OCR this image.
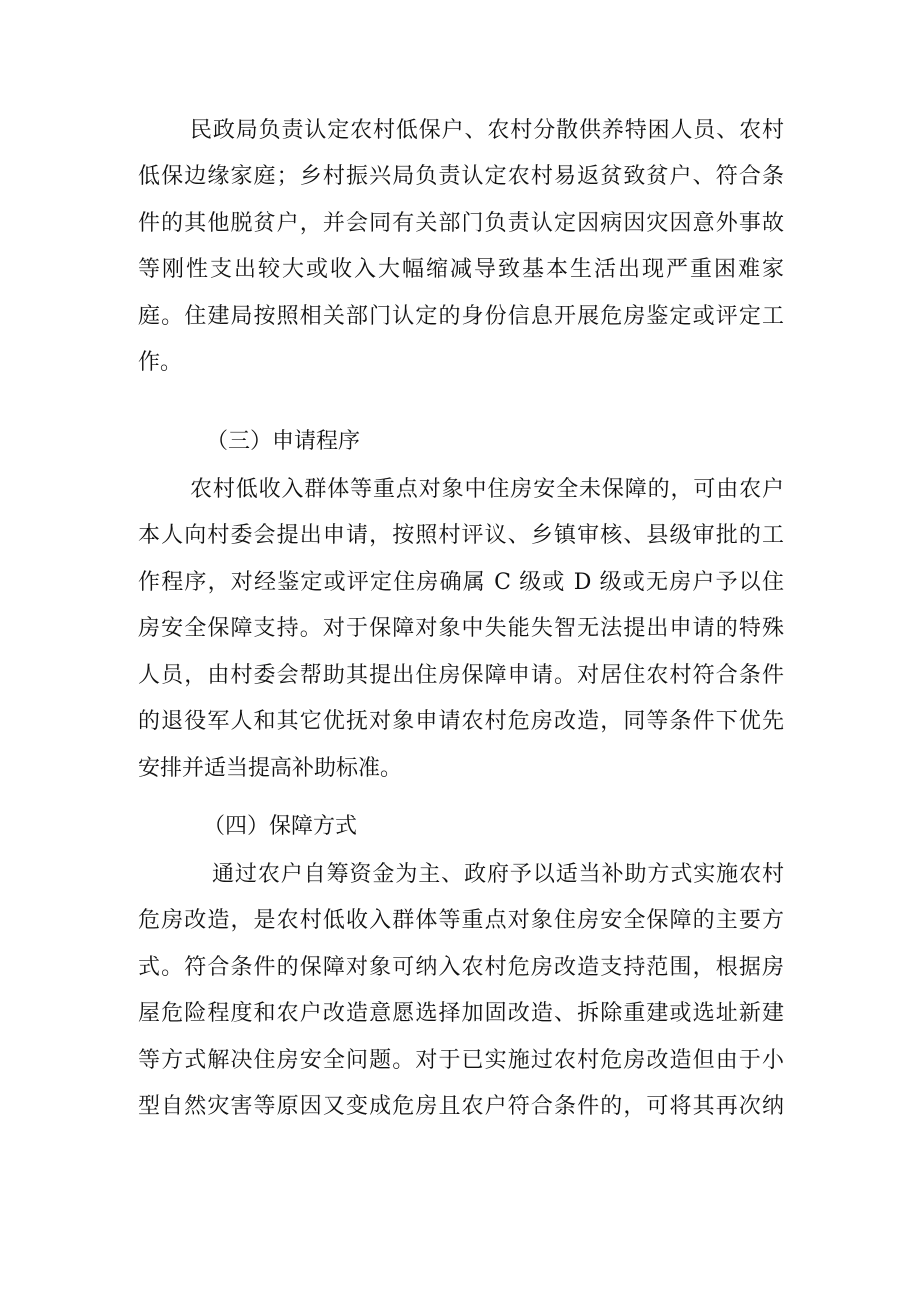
民政局负责认定农村低保户、农村分散供养特困人员、农村
低保边缘家庭；乡村振兴局负责认定农村易返贫致贫户、符合条
件的其他脱贫户，并会同有关部门负责认定因病因灾因意外事故
等刚性支出较大或收入大幅缩减导致基本生活出现严重困难家
庭。住建局按照相关部门认定的身份信息开展危房鉴定或评定工
作。
（三）申请程序
农村低收入群体等重点对象中住房安全未保障的，可由农户
本人向村委会提出申请，按照村评议、乡镇审核、县级审批的工
作程序，对经鉴定或评定住房确属 C 级或 D 级或无房户予以住
房安全保障支持。对于保障对象中失能失智无法提出申请的特殊
人员，由村委会帮助其提出住房保障申请。对居住农村符合条件
的退役军人和其它优抚对象申请农村危房改造，同等条件下优先
安排并适当提高补助标准。
（四）保障方式
通过农户自筹资金为主、政府予以适当补助方式实施农村
危房改造，是农村低收入群体等重点对象住房安全保障的主要方
式。符合条件的保障对象可纳入农村危房改造支持范围，根据房
屋危险程度和农户改造意愿选择加固改造、拆除重建或选址新建
等方式解决住房安全问题。对于已实施过农村危房改造但由于小
型自然灾害等原因又变成危房且农户符合条件的，可将其再次纳
